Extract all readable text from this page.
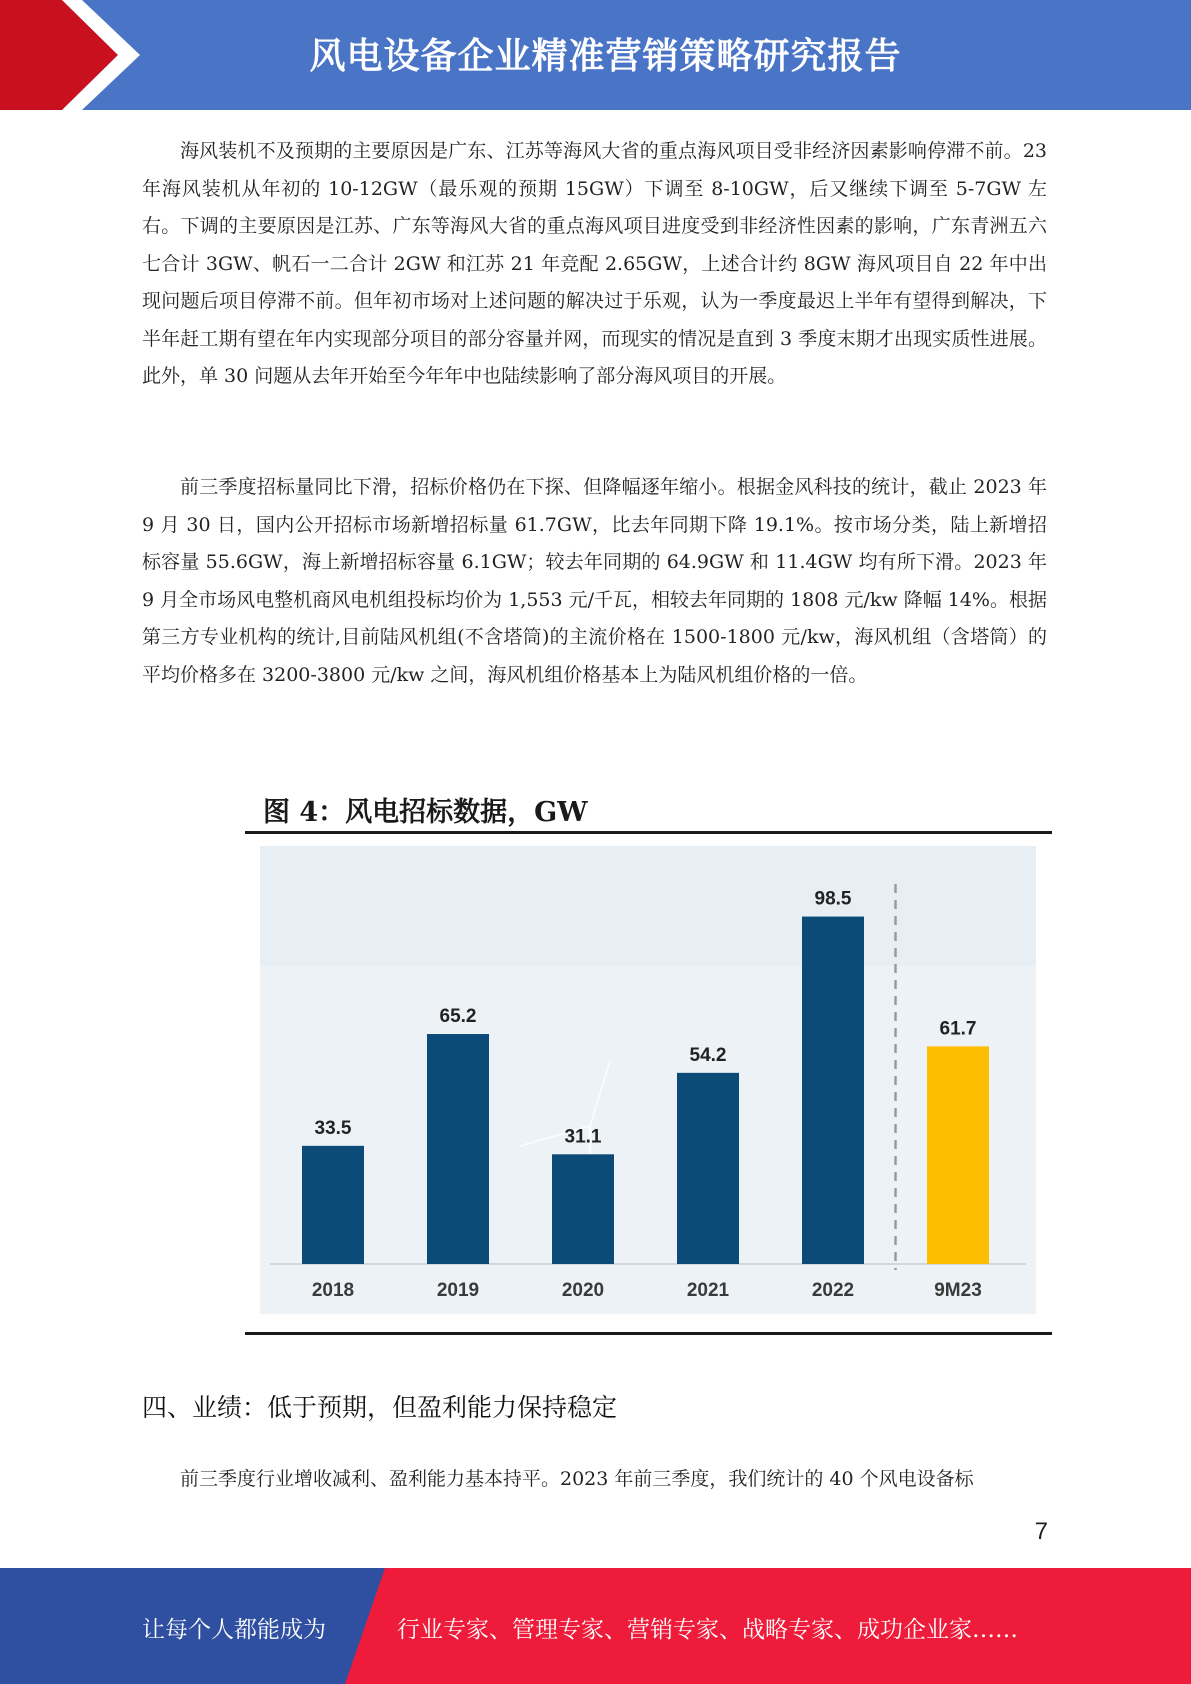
风电设备企业精准营销策略研究报告

海风装机不及预期的主要原因是广东、江苏等海风大省的重点海风项目受非经济因素影响停滞不前。23 年海风装机从年初的 10-12GW（最乐观的预期 15GW）下调至 8-10GW，后又继续下调至 5-7GW 左右。下调的主要原因是江苏、广东等海风大省的重点海风项目进度受到非经济性因素的影响，广东青洲五六七合计 3GW、帆石一二合计 2GW 和江苏 21 年竞配 2.65GW，上述合计约 8GW 海风项目自 22 年中出现问题后项目停滞不前。但年初市场对上述问题的解决过于乐观，认为一季度最迟上半年有望得到解决，下半年赶工期有望在年内实现部分项目的部分容量并网，而现实的情况是直到 3 季度末期才出现实质性进展。此外，单 30 问题从去年开始至今年年中也陆续影响了部分海风项目的开展。

前三季度招标量同比下滑，招标价格仍在下探、但降幅逐年缩小。根据金风科技的统计，截止 2023 年 9 月 30 日，国内公开招标市场新增招标量 61.7GW，比去年同期下降 19.1%。按市场分类，陆上新增招标容量 55.6GW，海上新增招标容量 6.1GW；较去年同期的 64.9GW 和 11.4GW 均有所下滑。2023 年 9 月全市场风电整机商风电机组投标均价为 1,553 元/千瓦，相较去年同期的 1808 元/kw 降幅 14%。根据第三方专业机构的统计,目前陆风机组(不含塔筒)的主流价格在 1500-1800 元/kw，海风机组（含塔筒）的平均价格多在 3200-3800 元/kw 之间，海风机组价格基本上为陆风机组价格的一倍。

图 4：风电招标数据，GW
33.5
2018
65.2
2019
31.1
2020
54.2
2021
98.5
2022
61.7
9M23
四、业绩：低于预期，但盈利能力保持稳定

前三季度行业增收减利、盈利能力基本持平。2023 年前三季度，我们统计的 40 个风电设备标

7
让每个人都能成为	行业专家、管理专家、营销专家、战略专家、成功企业家……
